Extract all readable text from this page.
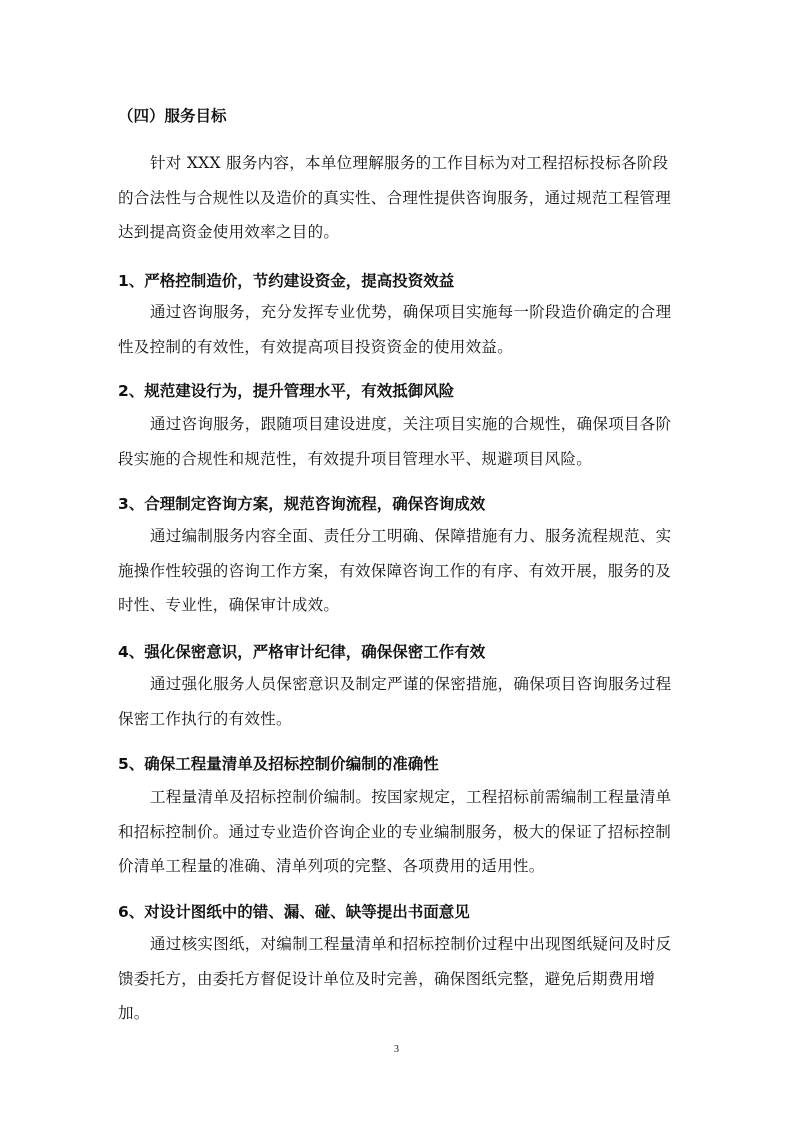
（四）服务目标

针对 XXX 服务内容，本单位理解服务的工作目标为对工程招标投标各阶段的合法性与合规性以及造价的真实性、合理性提供咨询服务，通过规范工程管理达到提高资金使用效率之目的。

1、严格控制造价，节约建设资金，提高投资效益

通过咨询服务，充分发挥专业优势，确保项目实施每一阶段造价确定的合理性及控制的有效性，有效提高项目投资资金的使用效益。

2、规范建设行为，提升管理水平，有效抵御风险

通过咨询服务，跟随项目建设进度，关注项目实施的合规性，确保项目各阶段实施的合规性和规范性，有效提升项目管理水平、规避项目风险。

3、合理制定咨询方案，规范咨询流程，确保咨询成效

通过编制服务内容全面、责任分工明确、保障措施有力、服务流程规范、实施操作性较强的咨询工作方案，有效保障咨询工作的有序、有效开展，服务的及时性、专业性，确保审计成效。

4、强化保密意识，严格审计纪律，确保保密工作有效

通过强化服务人员保密意识及制定严谨的保密措施，确保项目咨询服务过程保密工作执行的有效性。

5、确保工程量清单及招标控制价编制的准确性

工程量清单及招标控制价编制。按国家规定，工程招标前需编制工程量清单和招标控制价。通过专业造价咨询企业的专业编制服务，极大的保证了招标控制价清单工程量的准确、清单列项的完整、各项费用的适用性。

6、对设计图纸中的错、漏、碰、缺等提出书面意见

通过核实图纸，对编制工程量清单和招标控制价过程中出现图纸疑问及时反馈委托方，由委托方督促设计单位及时完善，确保图纸完整，避免后期费用增加。

3
